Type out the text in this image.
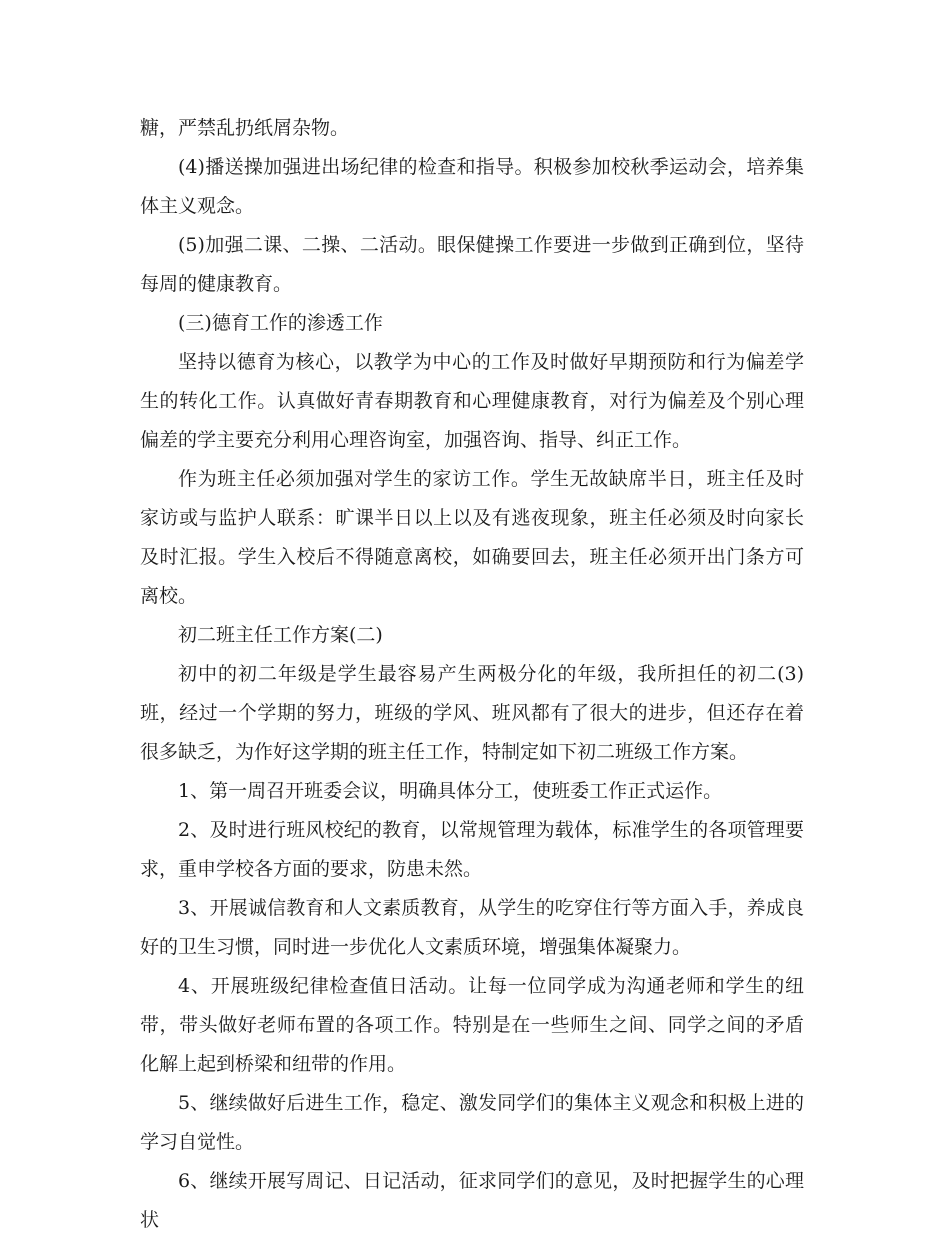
糖，严禁乱扔纸屑杂物。

(4)播送操加强进出场纪律的检查和指导。积极参加校秋季运动会，培养集体主义观念。

(5)加强二课、二操、二活动。眼保健操工作要进一步做到正确到位，坚待每周的健康教育。

(三)德育工作的渗透工作

坚持以德育为核心，以教学为中心的工作及时做好早期预防和行为偏差学生的转化工作。认真做好青春期教育和心理健康教育，对行为偏差及个别心理偏差的学主要充分利用心理咨询室，加强咨询、指导、纠正工作。

作为班主任必须加强对学生的家访工作。学生无故缺席半日，班主任及时家访或与监护人联系：旷课半日以上以及有逃夜现象，班主任必须及时向家长及时汇报。学生入校后不得随意离校，如确要回去，班主任必须开出门条方可离校。

初二班主任工作方案(二)

初中的初二年级是学生最容易产生两极分化的年级，我所担任的初二(3)班，经过一个学期的努力，班级的学风、班风都有了很大的进步，但还存在着很多缺乏，为作好这学期的班主任工作，特制定如下初二班级工作方案。

1、第一周召开班委会议，明确具体分工，使班委工作正式运作。

2、及时进行班风校纪的教育，以常规管理为载体，标准学生的各项管理要求，重申学校各方面的要求，防患未然。

3、开展诚信教育和人文素质教育，从学生的吃穿住行等方面入手，养成良好的卫生习惯，同时进一步优化人文素质环境，增强集体凝聚力。

4、开展班级纪律检查值日活动。让每一位同学成为沟通老师和学生的纽带，带头做好老师布置的各项工作。特别是在一些师生之间、同学之间的矛盾化解上起到桥梁和纽带的作用。

5、继续做好后进生工作，稳定、激发同学们的集体主义观念和积极上进的学习自觉性。

6、继续开展写周记、日记活动，征求同学们的意见，及时把握学生的心理状
